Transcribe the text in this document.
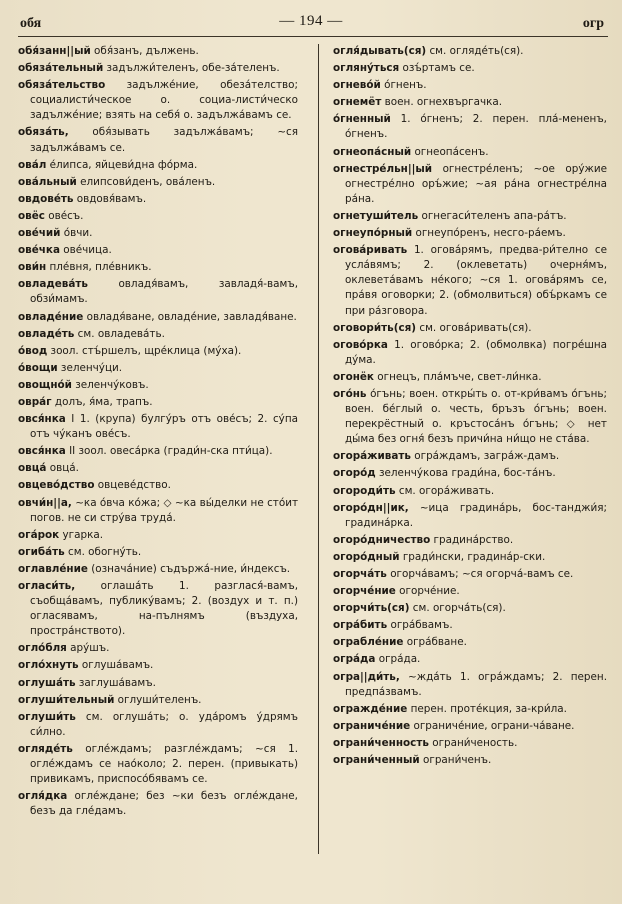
обя	— 194 —	огр
обя́занн||ый обя́занъ, дължень.
обяза́тельный задължи́теленъ, обе-за́теленъ.
обяза́тельство задълже́ние, обеза́телство; социалисти́ческое о. социа-листи́ческо задълже́ние; взять на себя́ о. задължа́вамъ се.
обяза́ть, обя́зывать задължа́вамъ; ~ся задължа́вамъ се.
ова́л е́липса, яйцеви́дна фо́рма.
ова́льный елипсови́денъ, ова́ленъ.
овдове́ть овдовя́вамъ.
овёс ове́съ.
ове́чий о́вчи.
ове́чка ове́чица.
ови́н пле́вня, пле́вникъ.
овладева́ть овладя́вамъ, завладя́-вамъ, обзи́мамъ.
овладе́ние овладя́ване, овладе́ние, завладя́ване.
овладе́ть см. овладева́ть.
о́вод зоол. стъ́ршелъ, щре́клица (му́ха).
о́вощи зеленчу́ци.
овощно́й зеленчу́ковъ.
овра́г долъ, я́ма, трапъ.
овся́нка I 1. (крупа) булгу́ръ отъ ове́съ; 2. су́па отъ чу́канъ ове́съ.
овся́нка II зоол. овеса́рка (гради́н-ска пти́ца).
овца́ овца́.
овцево́дство овцеве́дство.
овчи́н||а, ~ка о́вча ко́жа; ◇ ~ка вы́делки не сто́ит погов. не си стру́ва труда́.
ога́рок угарка.
огиба́ть см. обогну́ть.
оглавле́ние (означа́ние) съдържа́-ние, и́ндексъ.
огласи́ть, оглаша́ть 1. разглася́-вамъ, съобща́вамъ, публику́вамъ; 2. (воздух и т. п.) огласявамъ, на-пълнямъ (въздуха, простра́нството).
огло́бля ару́шъ.
огло́хнуть оглуша́вамъ.
оглуша́ть заглуша́вамъ.
оглуши́тельный оглуши́теленъ.
оглуши́ть см. оглуша́ть; о. уда́ромъ у́дрямъ си́лно.
огляде́ть огле́ждамъ; разгле́ждамъ; ~ся 1. огле́ждамъ се нао́коло; 2. перен. (привыкать) привикамъ, приспосо́бявамъ се.
огля́дка огле́ждане; без ~ки безъ огле́ждане, безъ да гле́дамъ.
огля́дывать(ся) см. огляде́ть(ся).
огляну́ться озъ́ртамъ се.
огнево́й о́гненъ.
огнемёт воен. огнехвъргачка.
о́гненный 1. о́гненъ; 2. перен. пла́-мененъ, о́гненъ.
огнеопа́сный огнеопа́сенъ.
огнестре́льн||ый огнестре́ленъ; ~ое ору́жие огнестре́лно оръ́жие; ~ая ра́на огнестре́лна ра́на.
огнетуши́тель огнегаси́теленъ апа-ра́тъ.
огнеупо́рный огнеупо́ренъ, несго-ра́емъ.
огова́ривать 1. огова́рямъ, предва-ри́телно се усла́вямъ; 2. (оклеветать) очерня́мъ, оклевета́вамъ не́кого; ~ся 1. огова́рямъ се, пра́вя оговорки; 2. (обмолвиться) объ́ркамъ се при ра́зговора.
оговори́ть(ся) см. огова́ривать(ся).
огово́рка 1. огово́рка; 2. (обмолвка) погре́шна ду́ма.
огонёк огнецъ, пла́мъче, свет-ли́нка.
ого́нь о́гънь; воен. откры́ть о. от-кри́вамъ о́гънь; воен. бе́глый о. честь, бръзъ о́гънь; воен. перекрёстный о. кръстоса́нъ о́гънь; ◇ нет ды́ма без огня́ безъ причи́на ни́що не ста́ва.
огора́живать огра́ждамъ, загра́ж-дамъ.
огоро́д зеленчу́кова гради́на, бос-та́нъ.
огороди́ть см. огора́живать.
огоро́дн||ик, ~ица градина́рь, бос-танджи́я; градина́рка.
огоро́дничество градина́рство.
огоро́дный гради́нски, градина́р-ски.
огорча́ть огорча́вамъ; ~ся огорча́-вамъ се.
огорче́ние огорче́ние.
огорчи́ть(ся) см. огорча́ть(ся).
огра́бить огра́бвамъ.
ограбле́ние огра́бване.
огра́да огра́да.
огра||ди́ть, ~жда́ть 1. огра́ждамъ; 2. перен. предпа́звамъ.
огражде́ние перен. проте́кция, за-кри́ла.
ограниче́ние ограниче́ние, ограни-ча́ване.
ограни́ченность ограни́ченость.
ограни́ченный ограни́ченъ.
